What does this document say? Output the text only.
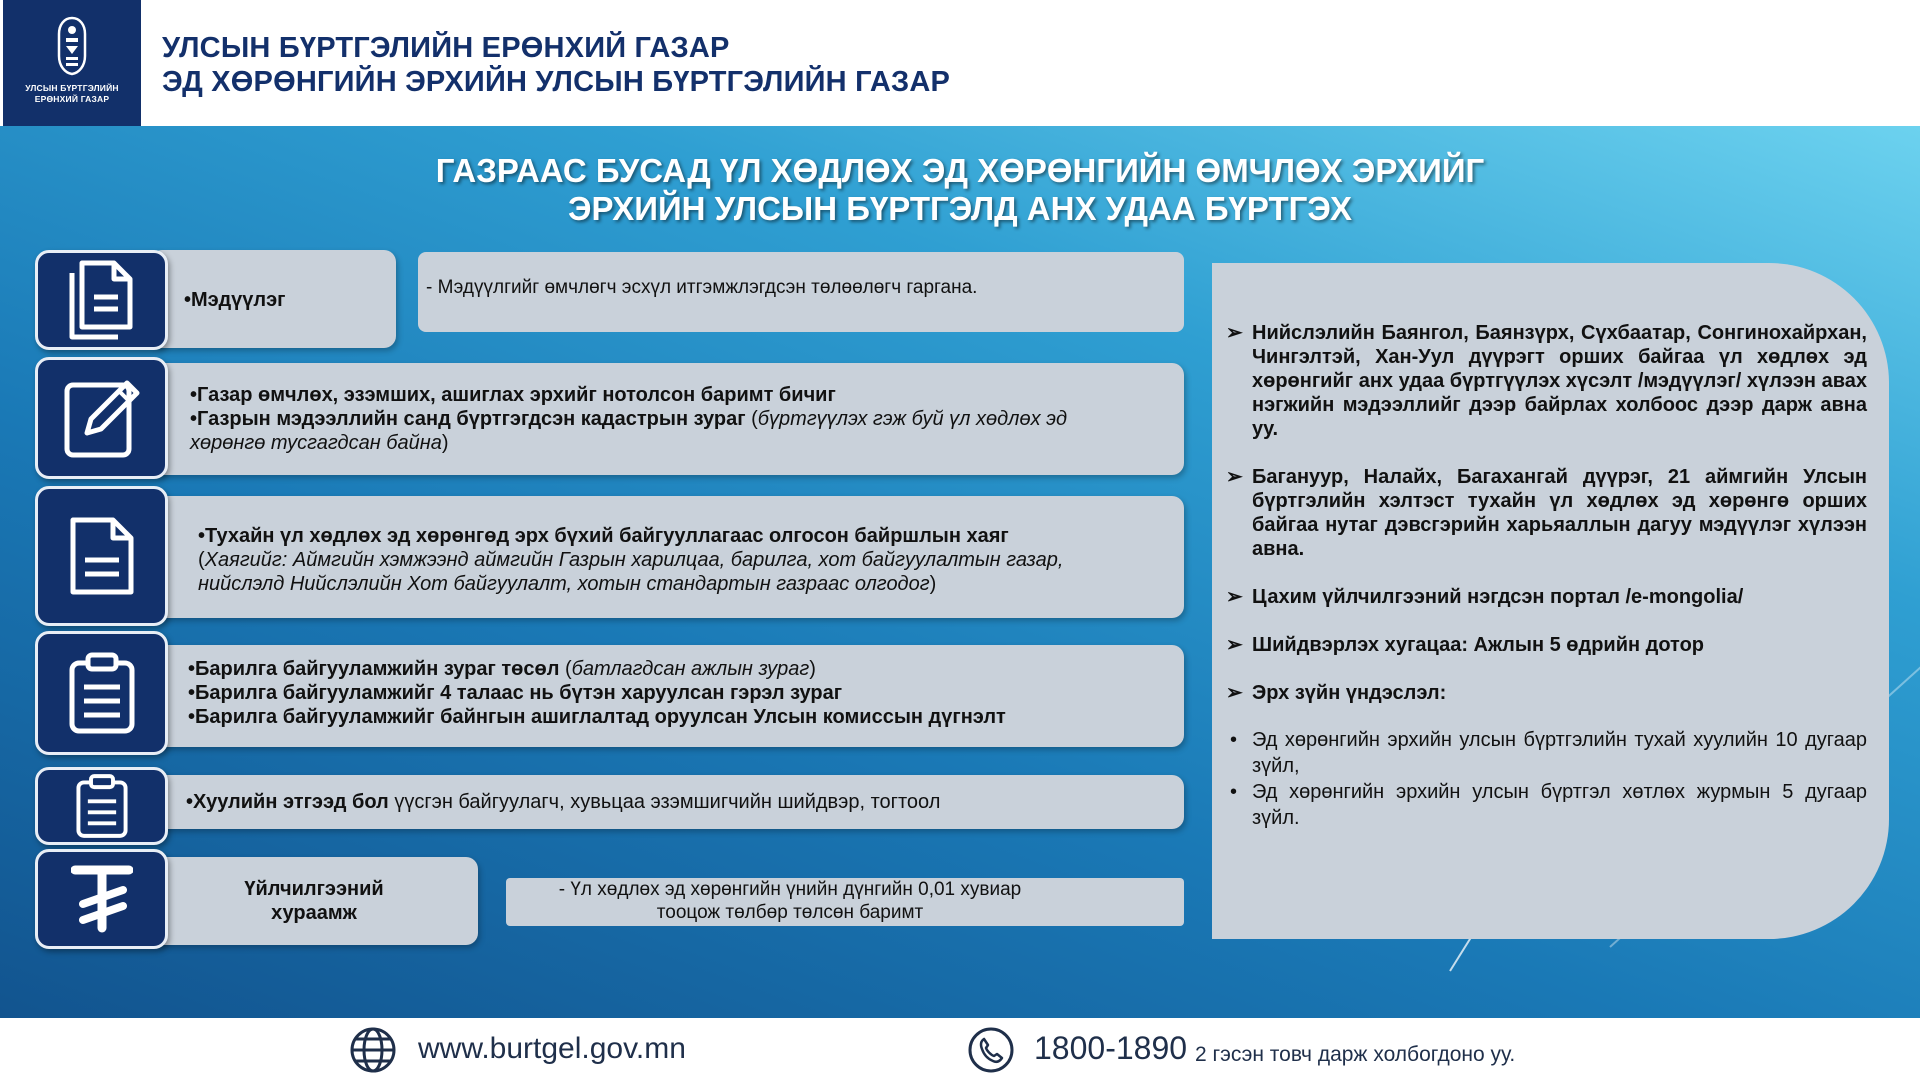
УЛСЫН БҮРТГЭЛИЙН
ЕРӨНХИЙ ГАЗАР
УЛСЫН БҮРТГЭЛИЙН ЕРӨНХИЙ ГАЗАР
ЭД ХӨРӨНГИЙН ЭРХИЙН УЛСЫН БҮРТГЭЛИЙН ГАЗАР
ГАЗРААС БУСАД ҮЛ ХӨДЛӨХ ЭД ХӨРӨНГИЙН ӨМЧЛӨХ ЭРХИЙГ
ЭРХИЙН УЛСЫН БҮРТГЭЛД АНХ УДАА БҮРТГЭХ
•Мэдүүлэг
- Мэдүүлгийг өмчлөгч эсхүл итгэмжлэгдсэн төлөөлөгч гаргана.
•Газар өмчлөх, эзэмших, ашиглах эрхийг нотолсон баримт бичиг
•Газрын мэдээллийн санд бүртгэгдсэн кадастрын зураг (бүртгүүлэх гэж буй үл хөдлөх эд хөрөнгө тусгагдсан байна)
•Тухайн үл хөдлөх эд хөрөнгөд эрх бүхий байгууллагаас олгосон байршлын хаяг
(Хаягийг: Аймгийн хэмжээнд аймгийн Газрын харилцаа, барилга, хот байгуулалтын газар, нийслэлд Нийслэлийн Хот байгуулалт, хотын стандартын газраас олгодог)
•Барилга байгууламжийн зураг төсөл (батлагдсан ажлын зураг)
•Барилга байгууламжийг 4 талаас нь бүтэн харуулсан гэрэл зураг
•Барилга байгууламжийг байнгын ашиглалтад оруулсан Улсын комиссын дүгнэлт
•Хуулийн этгээд бол үүсгэн байгуулагч, хувьцаа эзэмшигчийн шийдвэр, тогтоол
Үйлчилгээний
хураамж
- Үл хөдлөх эд хөрөнгийн үнийн дүнгийн 0,01 хувиар
тооцож төлбөр төлсөн баримт
➢ Нийслэлийн Баянгол, Баянзүрх, Сүхбаатар, Сонгинохайрхан, Чингэлтэй, Хан-Уул дүүрэгт орших байгаа үл хөдлөх эд хөрөнгийг анх удаа бүртгүүлэх хүсэлт /мэдүүлэг/ хүлээн авах нэгжийн мэдээллийг дээр байрлах холбоос дээр дарж авна уу.
➢ Багануур, Налайх, Багахангай дүүрэг, 21 аймгийн Улсын бүртгэлийн хэлтэст тухайн үл хөдлөх эд хөрөнгө орших байгаа нутаг дэвсгэрийн харьяаллын дагуу мэдүүлэг хүлээн авна.
➢ Цахим үйлчилгээний нэгдсэн портал /e-mongolia/
➢ Шийдвэрлэх хугацаа: Ажлын 5 өдрийн дотор
➢ Эрх зүйн үндэслэл:
• Эд хөрөнгийн эрхийн улсын бүртгэлийн тухай хуулийн 10 дугаар зүйл,
• Эд хөрөнгийн эрхийн улсын бүртгэл хөтлөх журмын 5 дугаар зүйл.
www.burtgel.gov.mn	1800-1890 2 гэсэн товч дарж холбогдоно уу.
